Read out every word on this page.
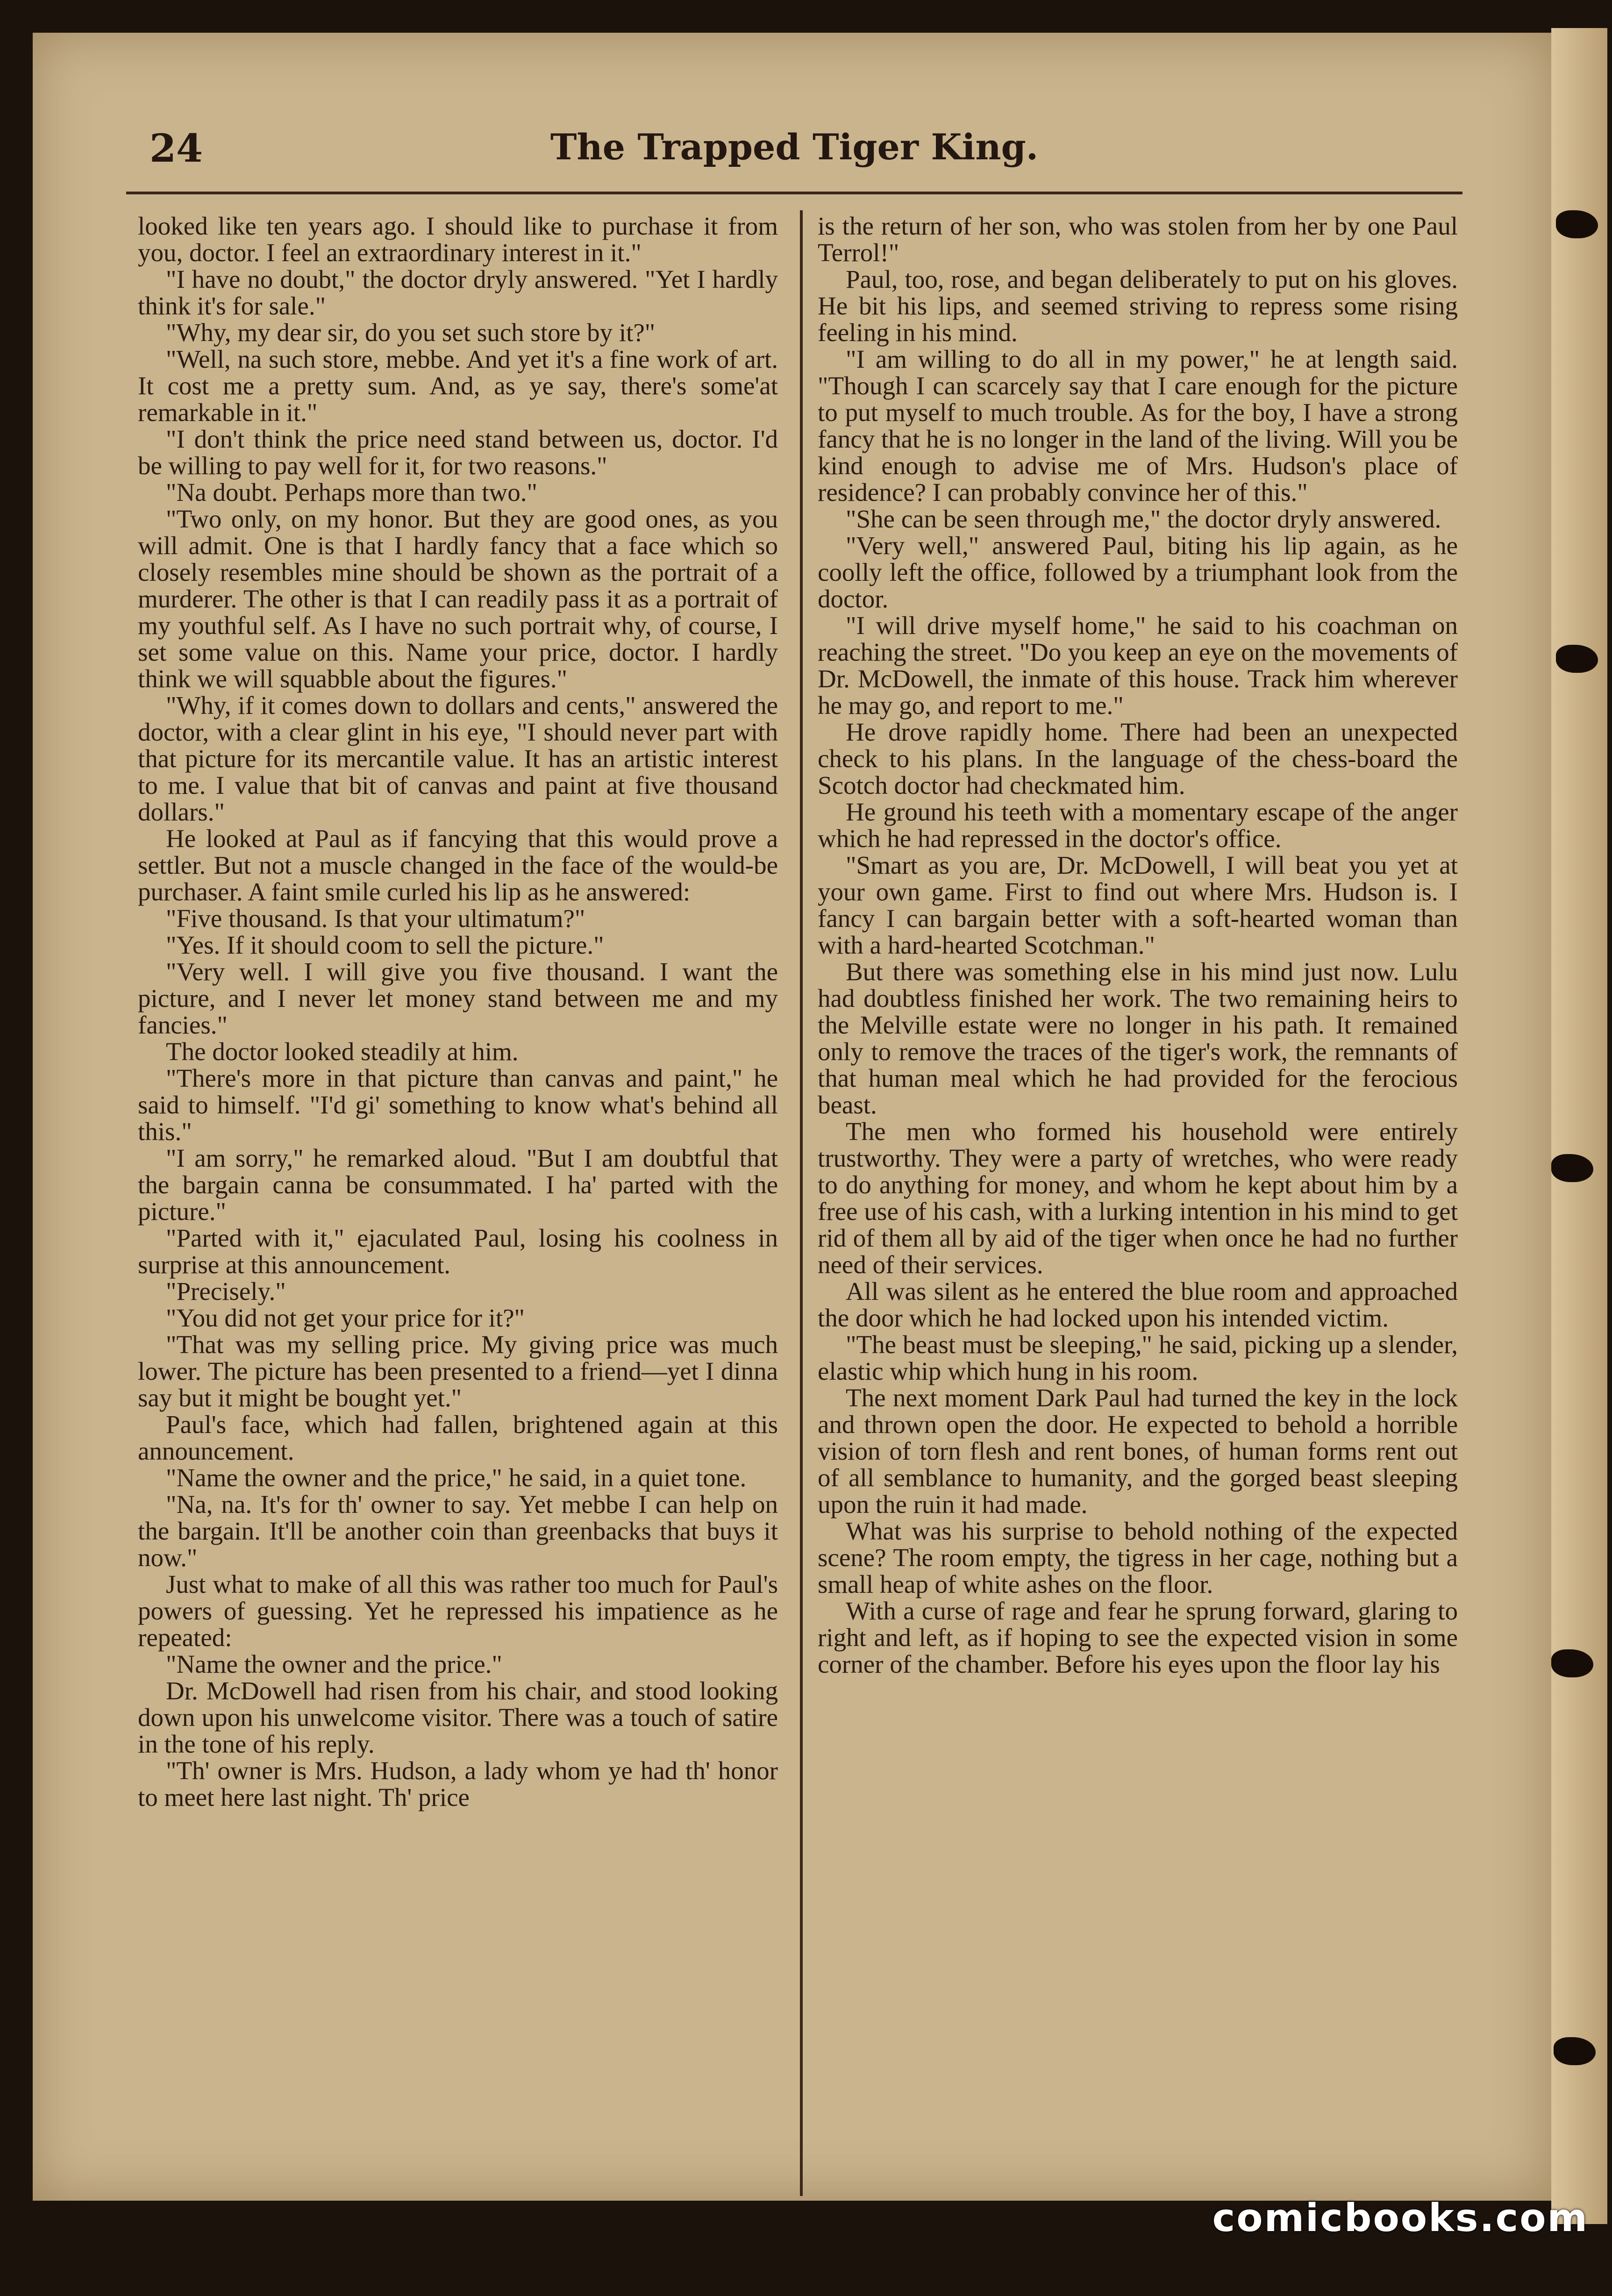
24	The Trapped Tiger King.

looked like ten years ago. I should like to purchase it from you, doctor. I feel an extraordinary interest in it."

"I have no doubt," the doctor dryly answered. "Yet I hardly think it's for sale."

"Why, my dear sir, do you set such store by it?"

"Well, na such store, mebbe. And yet it's a fine work of art. It cost me a pretty sum. And, as ye say, there's some'at remarkable in it."

"I don't think the price need stand between us, doctor. I'd be willing to pay well for it, for two reasons."

"Na doubt. Perhaps more than two."

"Two only, on my honor. But they are good ones, as you will admit. One is that I hardly fancy that a face which so closely resembles mine should be shown as the portrait of a murderer. The other is that I can readily pass it as a portrait of my youthful self. As I have no such portrait why, of course, I set some value on this. Name your price, doctor. I hardly think we will squabble about the figures."

"Why, if it comes down to dollars and cents," answered the doctor, with a clear glint in his eye, "I should never part with that picture for its mercantile value. It has an artistic interest to me. I value that bit of canvas and paint at five thousand dollars."

He looked at Paul as if fancying that this would prove a settler. But not a muscle changed in the face of the would-be purchaser. A faint smile curled his lip as he answered:

"Five thousand. Is that your ultimatum?"

"Yes. If it should coom to sell the picture."

"Very well. I will give you five thousand. I want the picture, and I never let money stand between me and my fancies."

The doctor looked steadily at him.

"There's more in that picture than canvas and paint," he said to himself. "I'd gi' something to know what's behind all this."

"I am sorry," he remarked aloud. "But I am doubtful that the bargain canna be consummated. I ha' parted with the picture."

"Parted with it," ejaculated Paul, losing his coolness in surprise at this announcement.

"Precisely."

"You did not get your price for it?"

"That was my selling price. My giving price was much lower. The picture has been presented to a friend—yet I dinna say but it might be bought yet."

Paul's face, which had fallen, brightened again at this announcement.

"Name the owner and the price," he said, in a quiet tone.

"Na, na. It's for th' owner to say. Yet mebbe I can help on the bargain. It'll be another coin than greenbacks that buys it now."

Just what to make of all this was rather too much for Paul's powers of guessing. Yet he repressed his impatience as he repeated:

"Name the owner and the price."

Dr. McDowell had risen from his chair, and stood looking down upon his unwelcome visitor. There was a touch of satire in the tone of his reply.

"Th' owner is Mrs. Hudson, a lady whom ye had th' honor to meet here last night. Th' price

is the return of her son, who was stolen from her by one Paul Terrol!"

Paul, too, rose, and began deliberately to put on his gloves. He bit his lips, and seemed striving to repress some rising feeling in his mind.

"I am willing to do all in my power," he at length said. "Though I can scarcely say that I care enough for the picture to put myself to much trouble. As for the boy, I have a strong fancy that he is no longer in the land of the living. Will you be kind enough to advise me of Mrs. Hudson's place of residence? I can probably convince her of this."

"She can be seen through me," the doctor dryly answered.

"Very well," answered Paul, biting his lip again, as he coolly left the office, followed by a triumphant look from the doctor.

"I will drive myself home," he said to his coachman on reaching the street. "Do you keep an eye on the movements of Dr. McDowell, the inmate of this house. Track him wherever he may go, and report to me."

He drove rapidly home. There had been an unexpected check to his plans. In the language of the chess-board the Scotch doctor had checkmated him.

He ground his teeth with a momentary escape of the anger which he had repressed in the doctor's office.

"Smart as you are, Dr. McDowell, I will beat you yet at your own game. First to find out where Mrs. Hudson is. I fancy I can bargain better with a soft-hearted woman than with a hard-hearted Scotchman."

But there was something else in his mind just now. Lulu had doubtless finished her work. The two remaining heirs to the Melville estate were no longer in his path. It remained only to remove the traces of the tiger's work, the remnants of that human meal which he had provided for the ferocious beast.

The men who formed his household were entirely trustworthy. They were a party of wretches, who were ready to do anything for money, and whom he kept about him by a free use of his cash, with a lurking intention in his mind to get rid of them all by aid of the tiger when once he had no further need of their services.

All was silent as he entered the blue room and approached the door which he had locked upon his intended victim.

"The beast must be sleeping," he said, picking up a slender, elastic whip which hung in his room.

The next moment Dark Paul had turned the key in the lock and thrown open the door. He expected to behold a horrible vision of torn flesh and rent bones, of human forms rent out of all semblance to humanity, and the gorged beast sleeping upon the ruin it had made.

What was his surprise to behold nothing of the expected scene? The room empty, the tigress in her cage, nothing but a small heap of white ashes on the floor.

With a curse of rage and fear he sprung forward, glaring to right and left, as if hoping to see the expected vision in some corner of the chamber. Before his eyes upon the floor lay his

comicbooks.com
